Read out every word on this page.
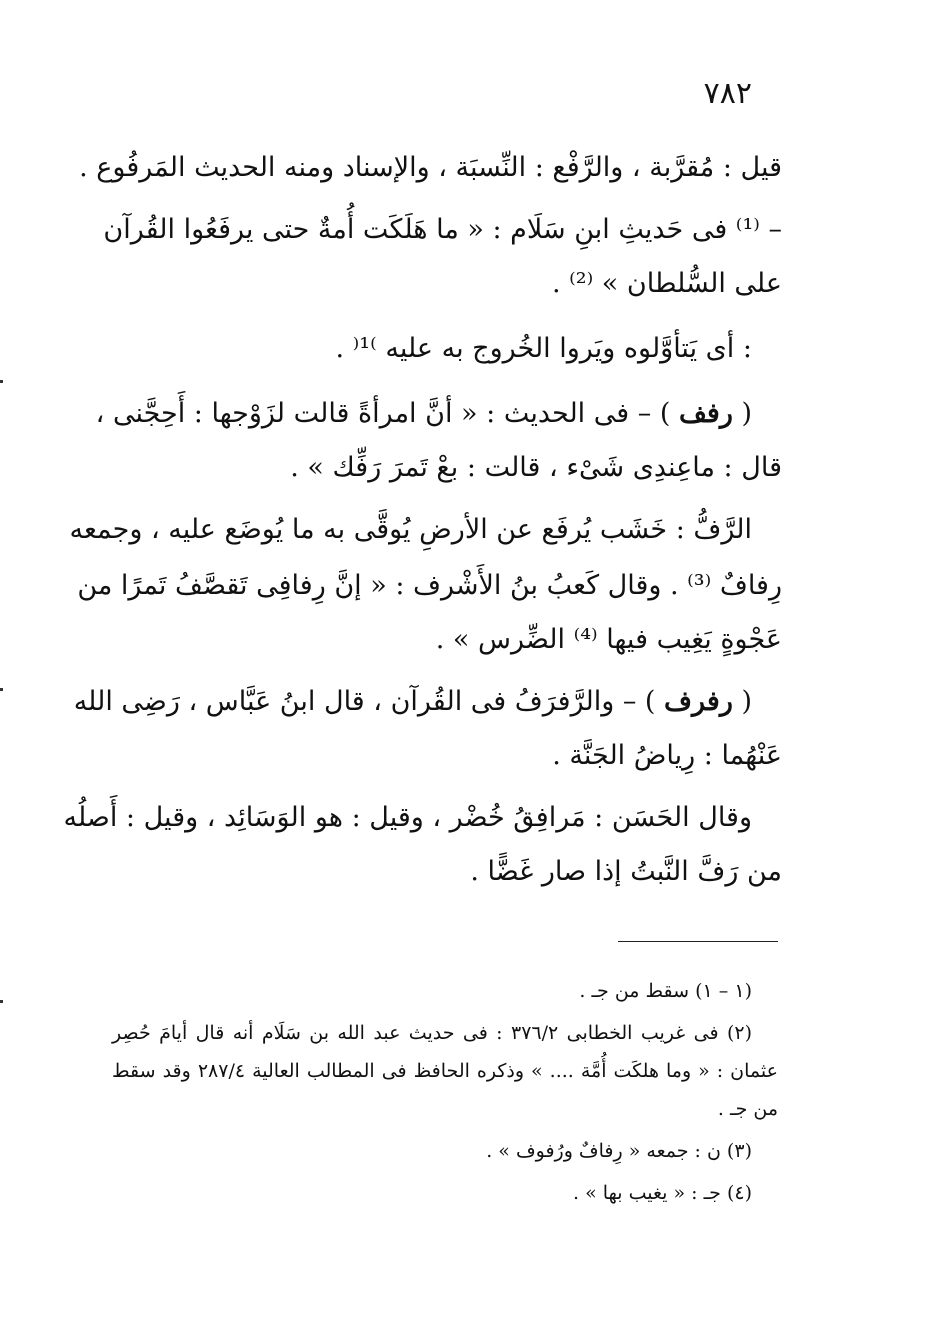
٧٨٢
قيل : مُقرَّبة ، والرَّفْع : النِّسبَة ، والإسناد ومنه الحديث المَرفُوع .
– ⁽¹⁾ فى حَديثِ ابنِ سَلَام : « ما هَلَكَت أُمةٌ حتى يرفَعُوا القُرآن
على السُّلطان » ⁽²⁾ .
: أى يَتأوَّلوه ويَروا الخُروج به عليه ⁾¹⁽ .
( رفف ) – فى الحديث : « أنَّ امرأةً قالت لزَوْجها : أَحِجَّنى ،
قال : ماعِندِى شَىْء ، قالت : بعْ تَمرَ رَفِّك » .
الرَّفُّ : خَشَب يُرفَع عن الأرضِ يُوقَّى به ما يُوضَع عليه ، وجمعه
رِفافٌ ⁽³⁾ . وقال كَعبُ بنُ الأَشْرف : « إنَّ رِفافِى تَقصَّفُ تَمرًا من
عَجْوةٍ يَغِيب فيها ⁽⁴⁾ الضِّرس » .
( رفرف ) – والرَّفرَفُ فى القُرآن ، قال ابنُ عَبَّاس ، رَضِى الله
عَنْهُما : رِياضُ الجَنَّة .
وقال الحَسَن : مَرافِقُ خُضْر ، وقيل : هو الوَسَائِد ، وقيل : أَصلُه
من رَفَّ النَّبتُ إذا صار غَضًّا .
(١ – ١) سقط من جـ .
(٢) فى غريب الخطابى ٣٧٦/٢ : فى حديث عبد الله بن سَلَام أنه قال أيامَ حُصِر
عثمان : « وما هلكَت أُمَّة .... » وذكره الحافظ فى المطالب العالية ٢٨٧/٤ وقد سقط
من جـ .
(٣) ن : جمعه « رِفافٌ ورُفوف » .
(٤) جـ : « يغيب بها » .
